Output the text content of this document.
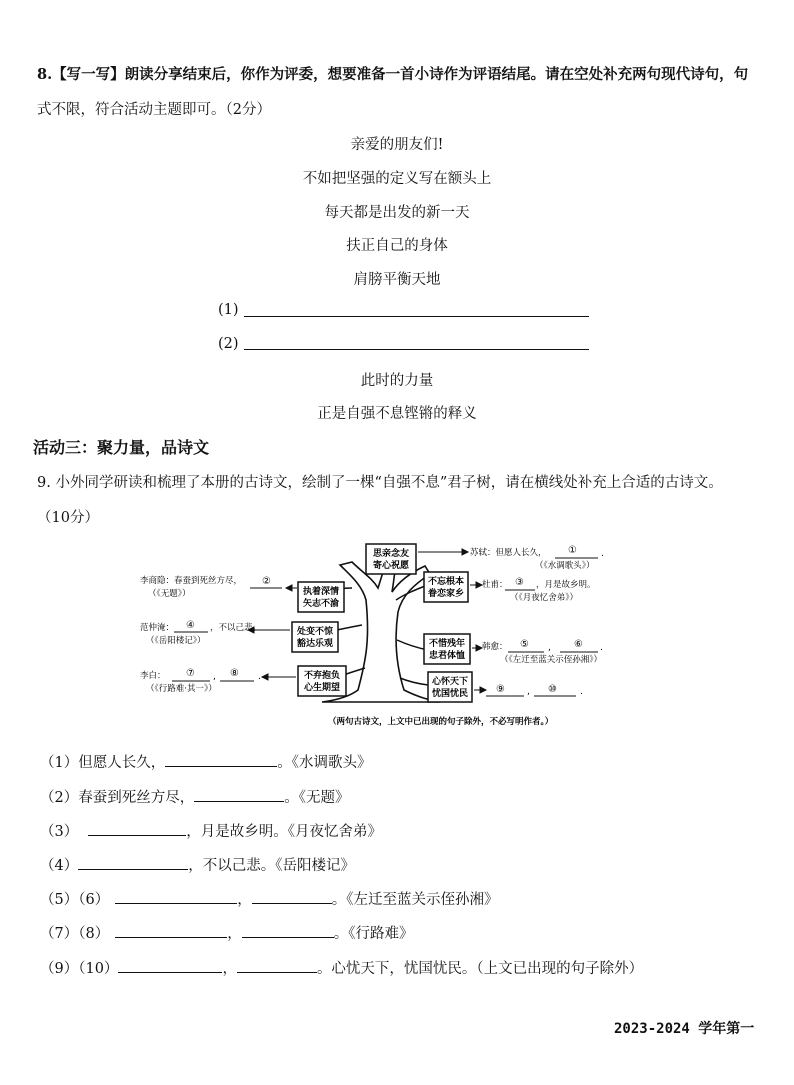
8.【写一写】朗读分享结束后，你作为评委，想要准备一首小诗作为评语结尾。请在空处补充两句现代诗句，句
式不限，符合活动主题即可。（2分）
亲爱的朋友们!
不如把坚强的定义写在额头上
每天都是出发的新一天
扶正自己的身体
肩膀平衡天地
(1)
(2)
此时的力量
正是自强不息铿锵的释义
活动三：聚力量，品诗文
9. 小外同学研读和梳理了本册的古诗文，绘制了一棵“自强不息”君子树，请在横线处补充上合适的古诗文。
（10分）
思亲念友
寄心祝愿
执着深情
矢志不渝
处变不惊
豁达乐观
不弃抱负
心生期望
不忘根本
眷恋家乡
不惜残年
忠君体恤
心怀天下
忧国忧民
李商隐：春蚕到死丝方尽， ②
（《无题》）
范仲淹： ④ ，不以己悲。
（《岳阳楼记》）
李白： ⑦ , ⑧ .
（《行路难·其一》）
苏轼：但愿人长久， ①	.
（《水调歌头》）
杜甫： ③ ，月是故乡明。
（《月夜忆舍弟》）
韩愈： ⑤ , ⑥ .
（《左迁至蓝关示侄孙湘》）
⑨ , ⑩	.
（两句古诗文，上文中已出现的句子除外，不必写明作者。）
（1）但愿人长久，	。《水调歌头》
（2）春蚕到死丝方尽，	。《无题》
（3）	，月是故乡明。《月夜忆舍弟》
（4）	，不以己悲。《岳阳楼记》
（5）（6）	，	。《左迁至蓝关示侄孙湘》
（7）（8）	，	。《行路难》
（9）（10）	，	。心忧天下，忧国忧民。（上文已出现的句子除外）
2023-2024 学年第一
